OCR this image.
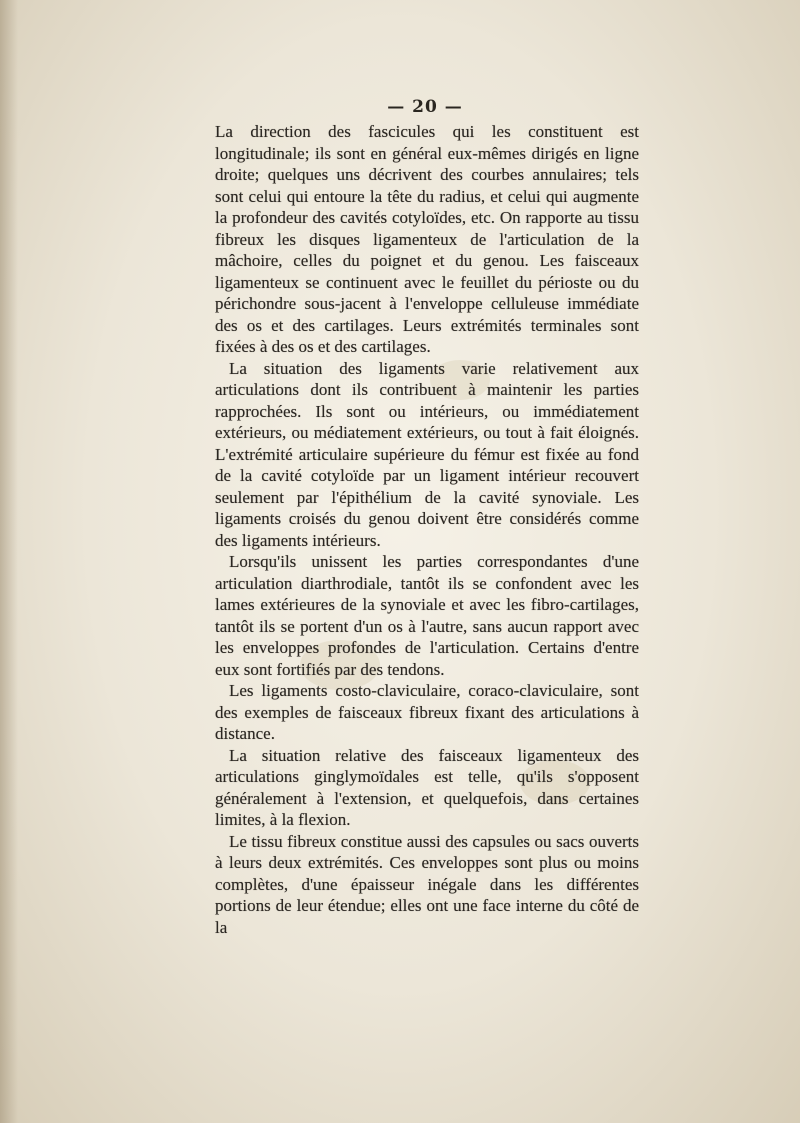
— 20 —

La direction des fascicules qui les constituent est longitudinale; ils sont en général eux-mêmes dirigés en ligne droite; quelques uns décrivent des courbes annulaires; tels sont celui qui entoure la tête du radius, et celui qui augmente la profondeur des cavités cotyloïdes, etc. On rapporte au tissu fibreux les disques ligamenteux de l'articulation de la mâchoire, celles du poignet et du genou. Les faisceaux ligamenteux se continuent avec le feuillet du périoste ou du périchondre sous-jacent à l'enveloppe celluleuse immédiate des os et des cartilages. Leurs extrémités terminales sont fixées à des os et des cartilages.

La situation des ligaments varie relativement aux articulations dont ils contribuent à maintenir les parties rapprochées. Ils sont ou intérieurs, ou immédiatement extérieurs, ou médiatement extérieurs, ou tout à fait éloignés. L'extrémité articulaire supérieure du fémur est fixée au fond de la cavité cotyloïde par un ligament intérieur recouvert seulement par l'épithélium de la cavité synoviale. Les ligaments croisés du genou doivent être considérés comme des ligaments intérieurs.

Lorsqu'ils unissent les parties correspondantes d'une articulation diarthrodiale, tantôt ils se confondent avec les lames extérieures de la synoviale et avec les fibro-cartilages, tantôt ils se portent d'un os à l'autre, sans aucun rapport avec les enveloppes profondes de l'articulation. Certains d'entre eux sont fortifiés par des tendons.

Les ligaments costo-claviculaire, coraco-claviculaire, sont des exemples de faisceaux fibreux fixant des articulations à distance.

La situation relative des faisceaux ligamenteux des articulations ginglymoïdales est telle, qu'ils s'opposent généralement à l'extension, et quelquefois, dans certaines limites, à la flexion.

Le tissu fibreux constitue aussi des capsules ou sacs ouverts à leurs deux extrémités. Ces enveloppes sont plus ou moins complètes, d'une épaisseur inégale dans les différentes portions de leur étendue; elles ont une face interne du côté de la
